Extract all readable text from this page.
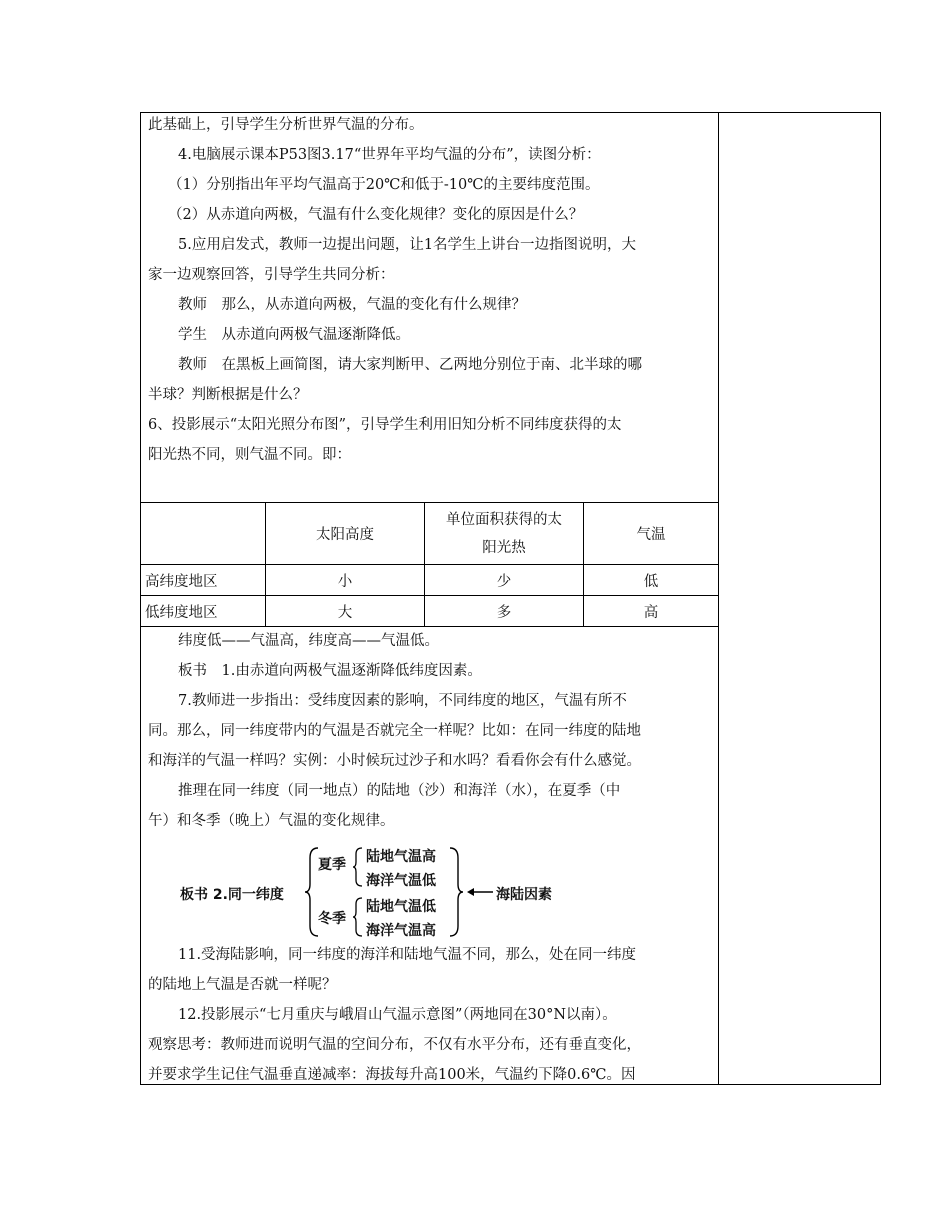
此基础上，引导学生分析世界气温的分布。

4.电脑展示课本P53图3.17“世界年平均气温的分布”，读图分析：

（1）分别指出年平均气温高于20℃和低于-10℃的主要纬度范围。

（2）从赤道向两极，气温有什么变化规律？变化的原因是什么？

5.应用启发式，教师一边提出问题，让1名学生上讲台一边指图说明，大

家一边观察回答，引导学生共同分析：

教师　那么，从赤道向两极，气温的变化有什么规律？

学生　从赤道向两极气温逐渐降低。

教师　在黑板上画简图，请大家判断甲、乙两地分别位于南、北半球的哪

半球？判断根据是什么？

6、投影展示“太阳光照分布图”，引导学生利用旧知分析不同纬度获得的太

阳光热不同，则气温不同。即：

	太阳高度	单位面积获得的太
阳光热	气温
高纬度地区	小	少	低
低纬度地区	大	多	高

纬度低——气温高，纬度高——气温低。

板书　1.由赤道向两极气温逐渐降低纬度因素。

7.教师进一步指出：受纬度因素的影响，不同纬度的地区，气温有所不

同。那么，同一纬度带内的气温是否就完全一样呢？比如：在同一纬度的陆地

和海洋的气温一样吗？实例：小时候玩过沙子和水吗？看看你会有什么感觉。

推理在同一纬度（同一地点）的陆地（沙）和海洋（水），在夏季（中

午）和冬季（晚上）气温的变化规律。

板书 2.同一纬度
夏季
冬季
陆地气温高
海洋气温低
陆地气温低
海洋气温高
海陆因素

11.受海陆影响，同一纬度的海洋和陆地气温不同，那么，处在同一纬度

的陆地上气温是否就一样呢？

12.投影展示“七月重庆与峨眉山气温示意图”（两地同在30°N以南）。

观察思考：教师进而说明气温的空间分布，不仅有水平分布，还有垂直变化，

并要求学生记住气温垂直递减率：海拔每升高100米，气温约下降0.6℃。因
